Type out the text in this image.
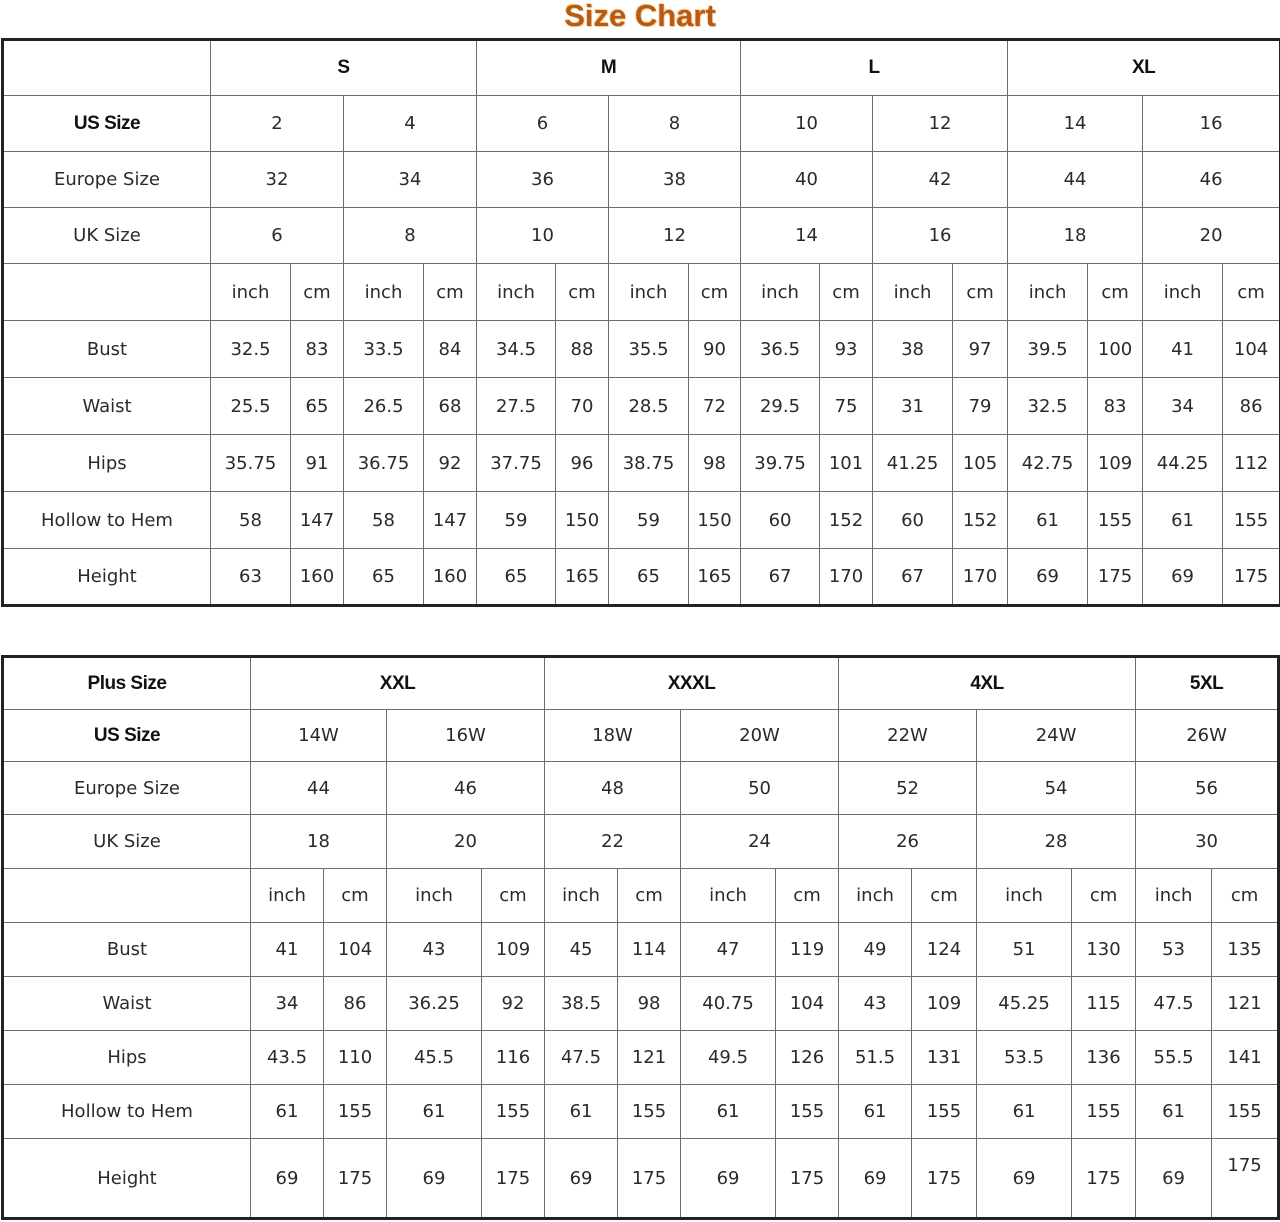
Size Chart
	S				M				L				XL			
US Size	2		4		6		8		10		12		14		16	
Europe Size	32		34		36		38		40		42		44		46	
UK Size	6		8		10		12		14		16		18		20	
	inch	cm	inch	cm	inch	cm	inch	cm	inch	cm	inch	cm	inch	cm	inch	cm
Bust	32.5	83	33.5	84	34.5	88	35.5	90	36.5	93	38	97	39.5	100	41	104
Waist	25.5	65	26.5	68	27.5	70	28.5	72	29.5	75	31	79	32.5	83	34	86
Hips	35.75	91	36.75	92	37.75	96	38.75	98	39.75	101	41.25	105	42.75	109	44.25	112
Hollow to Hem	58	147	58	147	59	150	59	150	60	152	60	152	61	155	61	155
Height	63	160	65	160	65	165	65	165	67	170	67	170	69	175	69	175
Plus Size	XXL				XXXL				4XL				5XL	
US Size	14W		16W		18W		20W		22W		24W		26W	
Europe Size	44		46		48		50		52		54		56	
UK Size	18		20		22		24		26		28		30	
	inch	cm	inch	cm	inch	cm	inch	cm	inch	cm	inch	cm	inch	cm
Bust	41	104	43	109	45	114	47	119	49	124	51	130	53	135
Waist	34	86	36.25	92	38.5	98	40.75	104	43	109	45.25	115	47.5	121
Hips	43.5	110	45.5	116	47.5	121	49.5	126	51.5	131	53.5	136	55.5	141
Hollow to Hem	61	155	61	155	61	155	61	155	61	155	61	155	61	155
Height	69	175	69	175	69	175	69	175	69	175	69	175	69	175
